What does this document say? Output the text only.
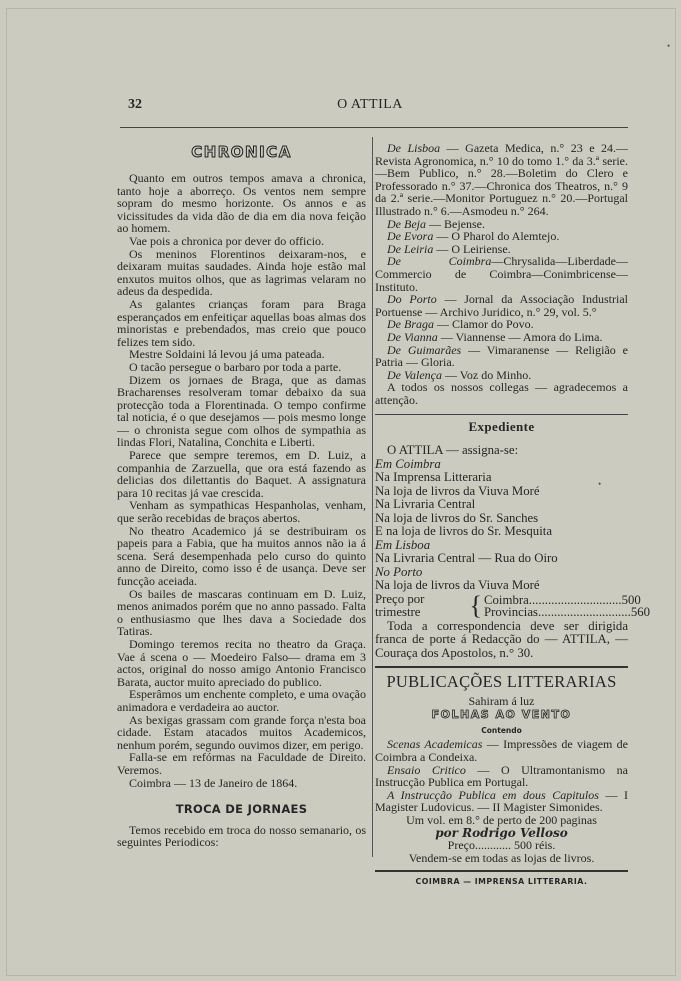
32	O ATTILA
CHRONICA

Quanto em outros tempos amava a chronica, tanto hoje a aborreço. Os ventos nem sempre sopram do mesmo horizonte. Os annos e as vicissitudes da vida dão de dia em dia nova feição ao homem.

Vae pois a chronica por dever do officio.

Os meninos Florentinos deixaram-nos, e deixaram muitas saudades. Ainda hoje estão mal enxutos muitos olhos, que as lagrimas velaram no adeus da despedida.

As galantes crianças foram para Braga esperançados em enfeitiçar aquellas boas almas dos minoristas e prebendados, mas creio que pouco felizes tem sido.

Mestre Soldaini lá levou já uma pateada.

O tacão persegue o barbaro por toda a parte.

Dizem os jornaes de Braga, que as damas Bracharenses resolveram tomar debaixo da sua protecção toda a Florentinada. O tempo confirme tal noticia, é o que desejamos — pois mesmo longe — o chronista segue com olhos de sympathia as lindas Flori, Natalina, Conchita e Liberti.

Parece que sempre teremos, em D. Luiz, a companhia de Zarzuella, que ora está fazendo as delicias dos dilettantis do Baquet. A assignatura para 10 recitas já vae crescida.

Venham as sympathicas Hespanholas, venham, que serão recebidas de braços abertos.

No theatro Academico já se destribuiram os papeis para a Fabia, que ha muitos annos não ia á scena. Será desempenhada pelo curso do quinto anno de Direito, como isso é de usança. Deve ser funcção aceiada.

Os bailes de mascaras continuam em D. Luiz, menos animados porém que no anno passado. Falta o enthusiasmo que lhes dava a Sociedade dos Tatiras.

Domingo teremos recita no theatro da Graça. Vae á scena o — Moedeiro Falso— drama em 3 actos, original do nosso amigo Antonio Francisco Barata, auctor muito apreciado do publico.

Esperâmos um enchente completo, e uma ovação animadora e verdadeira ao auctor.

As bexigas grassam com grande força n'esta boa cidade. Estam atacados muitos Academicos, nenhum porém, segundo ouvimos dizer, em perigo.

Falla-se em refórmas na Faculdade de Direito. Veremos.

Coimbra — 13 de Janeiro de 1864.

TROCA DE JORNAES

Temos recebido em troca do nosso semanario, os seguintes Periodicos:

De Lisboa — Gazeta Medica, n.° 23 e 24.—Revista Agronomica, n.° 10 do tomo 1.° da 3.ª serie.—Bem Publico, n.° 28.—Boletim do Clero e Professorado n.° 37.—Chronica dos Theatros, n.° 9 da 2.ª serie.—Monitor Portuguez n.° 20.—Portugal Illustrado n.° 6.—Asmodeu n.° 264.

De Beja — Bejense.

De Evora — O Pharol do Alemtejo.

De Leiria — O Leiriense.

De Coimbra—Chrysalida—Liberdade—Commercio de Coimbra—Conimbricense—Instituto.

Do Porto — Jornal da Associação Industrial Portuense — Archivo Juridico, n.° 29, vol. 5.°

De Braga — Clamor do Povo.

De Vianna — Viannense — Amora do Lima.

De Guimarães — Vimaranense — Religião e Patria — Gloria.

De Valença — Voz do Minho.

A todos os nossos collegas — agradecemos a attenção.

Expediente

O ATTILA — assigna-se:

Em Coimbra

Na Imprensa Litteraria

Na loja de livros da Viuva Moré

Na Livraria Central

Na loja de livros do Sr. Sanches

E na loja de livros do Sr. Mesquita

Em Lisboa

Na Livraria Central — Rua do Oiro

No Porto

Na loja de livros da Viuva Moré

Preço por trimestre	{ Coimbra ............................. 500
Provincias ............................. 560

Toda a correspondencia deve ser dirigida franca de porte á Redacção do — ATTILA, — Couraça dos Apostolos, n.° 30.

PUBLICAÇÕES LITTERARIAS

Sahiram á luz

FOLHAS AO VENTO
Contendo

Scenas Academicas — Impressões de viagem de Coimbra a Condeixa.

Ensaio Critico — O Ultramontanismo na Instrucção Publica em Portugal.

A Instrucção Publica em dous Capitulos — I Magister Ludovicus. — II Magister Simonides.

Um vol. em 8.° de perto de 200 paginas

por Rodrigo Velloso

Preço............ 500 réis.

Vendem-se em todas as lojas de livros.

COIMBRA — IMPRENSA LITTERARIA.
•
•
